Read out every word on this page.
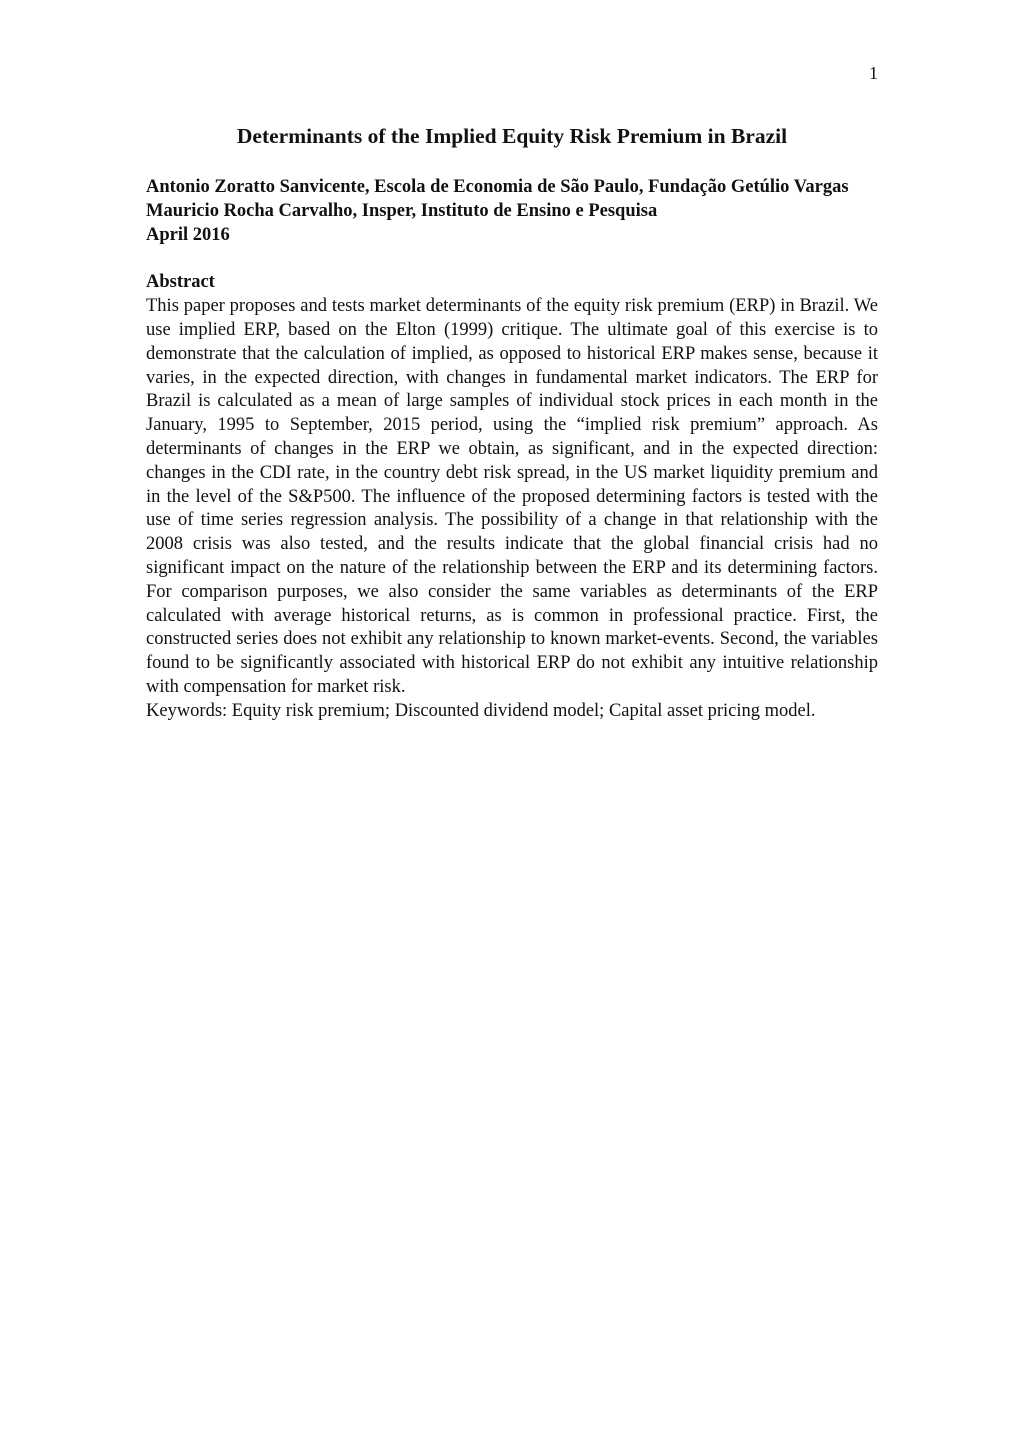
1
Determinants of the Implied Equity Risk Premium in Brazil
Antonio Zoratto Sanvicente, Escola de Economia de São Paulo, Fundação Getúlio Vargas
Mauricio Rocha Carvalho, Insper, Instituto de Ensino e Pesquisa
April 2016
Abstract

This paper proposes and tests market determinants of the equity risk premium (ERP) in Brazil. We use implied ERP, based on the Elton (1999) critique. The ultimate goal of this exercise is to demonstrate that the calculation of implied, as opposed to historical ERP makes sense, because it varies, in the expected direction, with changes in fundamental market indicators. The ERP for Brazil is calculated as a mean of large samples of individual stock prices in each month in the January, 1995 to September, 2015 period, using the “implied risk premium” approach. As determinants of changes in the ERP we obtain, as significant, and in the expected direction: changes in the CDI rate, in the country debt risk spread, in the US market liquidity premium and in the level of the S&P500. The influence of the proposed determining factors is tested with the use of time series regression analysis. The possibility of a change in that relationship with the 2008 crisis was also tested, and the results indicate that the global financial crisis had no significant impact on the nature of the relationship between the ERP and its determining factors. For comparison purposes, we also consider the same variables as determinants of the ERP calculated with average historical returns, as is common in professional practice. First, the constructed series does not exhibit any relationship to known market-events. Second, the variables found to be significantly associated with historical ERP do not exhibit any intuitive relationship with compensation for market risk.

Keywords: Equity risk premium; Discounted dividend model; Capital asset pricing model.
